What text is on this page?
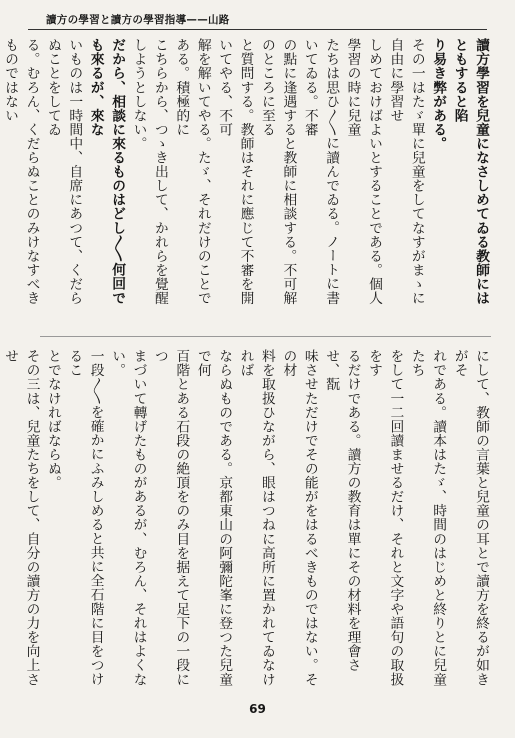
讀方の學習と讀方の學習指導——山路

讀方學習を兒童になさしめてゐる教師にはともすると陷

り易き弊がある。

その一はたゞ單に兒童をしてなすがまゝに自由に學習せ

しめておけばよいとすることである。個人學習の時に兒童

たちは思ひ〳〵に讀んでゐる。ノートに書いてゐる。不審

の點に逢遇すると教師に相談する。不可解のところに至る

と質問する。教師はそれに應じて不審を開いてやる、不可

解を解いてやる。たゞ、それだけのことである。積極的に

こちらから、つゝき出して、かれらを覺醒しようとしない。

だから、相談に來るものはどし〳〵何回でも來るが、來な

いものは一時間中、自席にあつて、くだらぬことをしてゐ

る。むろん、くだらぬことのみけなすべきものではない

にして、教師の言葉と兒童の耳とで讀方を終るが如きがそ

れである。讀本はたゞ、時間のはじめと終りとに兒童たち

をして一二回讀ませるだけ、それと文字や語句の取扱をす

るだけである。讀方の教育は單にその材料を理會させ、翫

味させただけでその能がをはるべきものではない。その材

料を取扱ひながら、眼はつねに高所に置かれてゐなければ

ならぬものである。京都東山の阿彌陀峯に登つた兒童で何

百階とある石段の絶頂をのみ目を据えて足下の一段につ

まづいて轉げたものがあるが、むろん、それはよくない。

一段〳〵を確かにふみしめると共に全石階に目をつけるこ

とでなければならぬ。

その三は、兒童たちをして、自分の讀方の力を向上させ

69
